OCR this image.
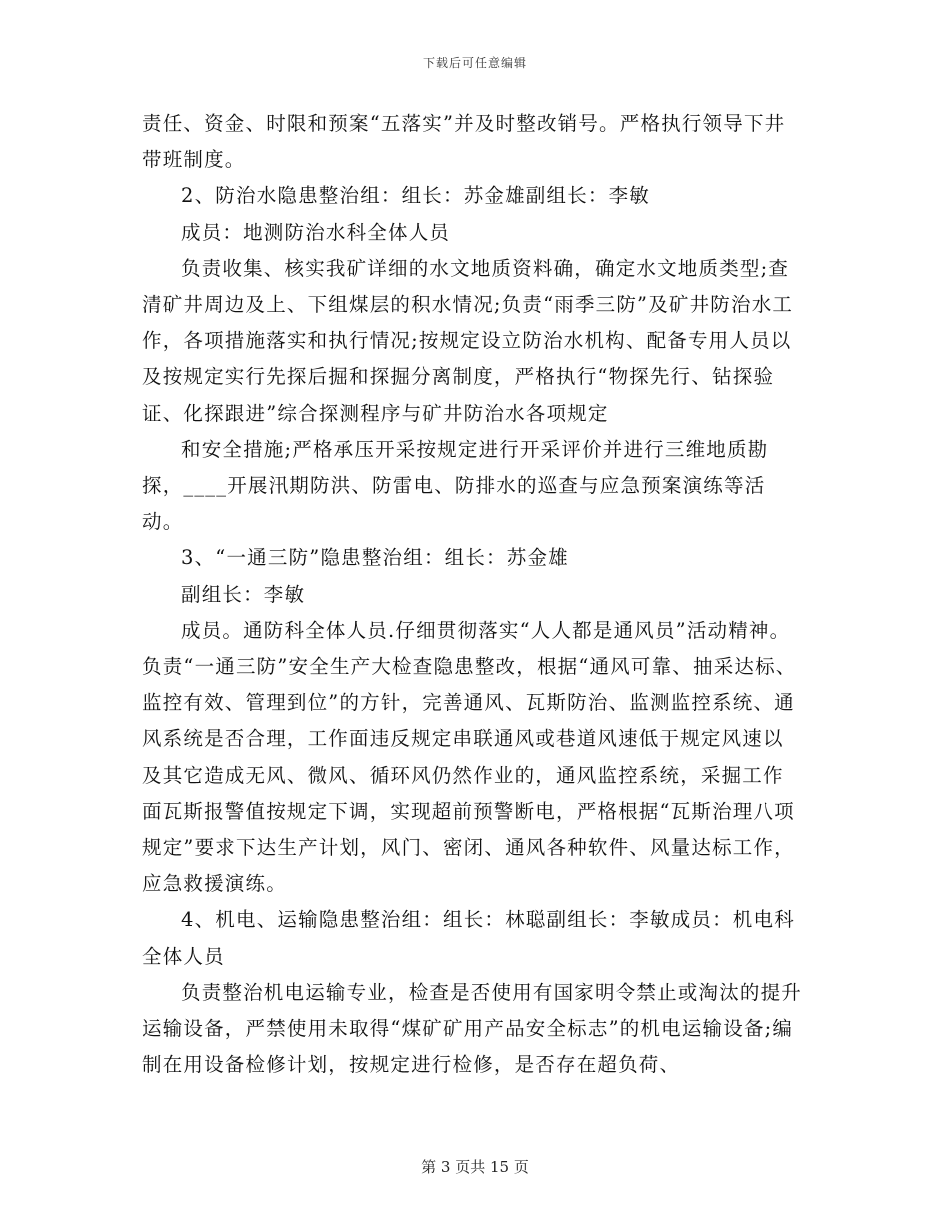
下载后可任意编辑

责任、资金、时限和预案“五落实”并及时整改销号。严格执行领导下井带班制度。

2、防治水隐患整治组：组长：苏金雄副组长：李敏

成员：地测防治水科全体人员

负责收集、核实我矿详细的水文地质资料确，确定水文地质类型;查清矿井周边及上、下组煤层的积水情况;负责“雨季三防”及矿井防治水工作，各项措施落实和执行情况;按规定设立防治水机构、配备专用人员以及按规定实行先探后掘和探掘分离制度，严格执行“物探先行、钻探验证、化探跟进”综合探测程序与矿井防治水各项规定

和安全措施;严格承压开采按规定进行开采评价并进行三维地质勘探，____开展汛期防洪、防雷电、防排水的巡查与应急预案演练等活动。

3、“一通三防”隐患整治组：组长：苏金雄

副组长：李敏

成员。通防科全体人员.仔细贯彻落实“人人都是通风员”活动精神。负责“一通三防”安全生产大检查隐患整改，根据“通风可靠、抽采达标、监控有效、管理到位”的方针，完善通风、瓦斯防治、监测监控系统、通风系统是否合理，工作面违反规定串联通风或巷道风速低于规定风速以及其它造成无风、微风、循环风仍然作业的，通风监控系统，采掘工作面瓦斯报警值按规定下调，实现超前预警断电，严格根据“瓦斯治理八项规定”要求下达生产计划，风门、密闭、通风各种软件、风量达标工作，应急救援演练。

4、机电、运输隐患整治组：组长：林聪副组长：李敏成员：机电科全体人员

负责整治机电运输专业，检查是否使用有国家明令禁止或淘汰的提升运输设备，严禁使用未取得“煤矿矿用产品安全标志”的机电运输设备;编制在用设备检修计划，按规定进行检修，是否存在超负荷、

第 3 页共 15 页
